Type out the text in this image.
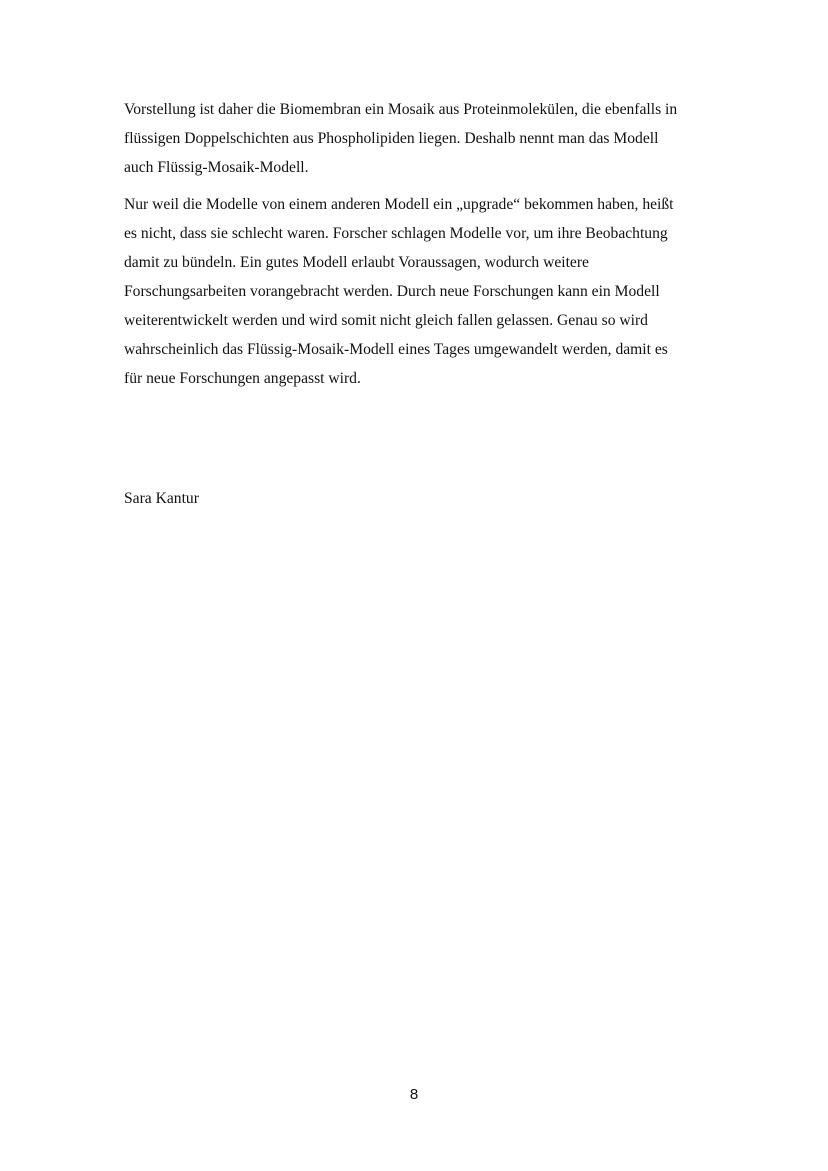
Vorstellung ist daher die Biomembran ein Mosaik aus Proteinmolekülen, die ebenfalls in
flüssigen Doppelschichten aus Phospholipiden liegen. Deshalb nennt man das Modell
auch Flüssig-Mosaik-Modell.

Nur weil die Modelle von einem anderen Modell ein „upgrade“ bekommen haben, heißt
es nicht, dass sie schlecht waren. Forscher schlagen Modelle vor, um ihre Beobachtung
damit zu bündeln. Ein gutes Modell erlaubt Voraussagen, wodurch weitere
Forschungsarbeiten vorangebracht werden. Durch neue Forschungen kann ein Modell
weiterentwickelt werden und wird somit nicht gleich fallen gelassen. Genau so wird
wahrscheinlich das Flüssig-Mosaik-Modell eines Tages umgewandelt werden, damit es
für neue Forschungen angepasst wird.

Sara Kantur
8
